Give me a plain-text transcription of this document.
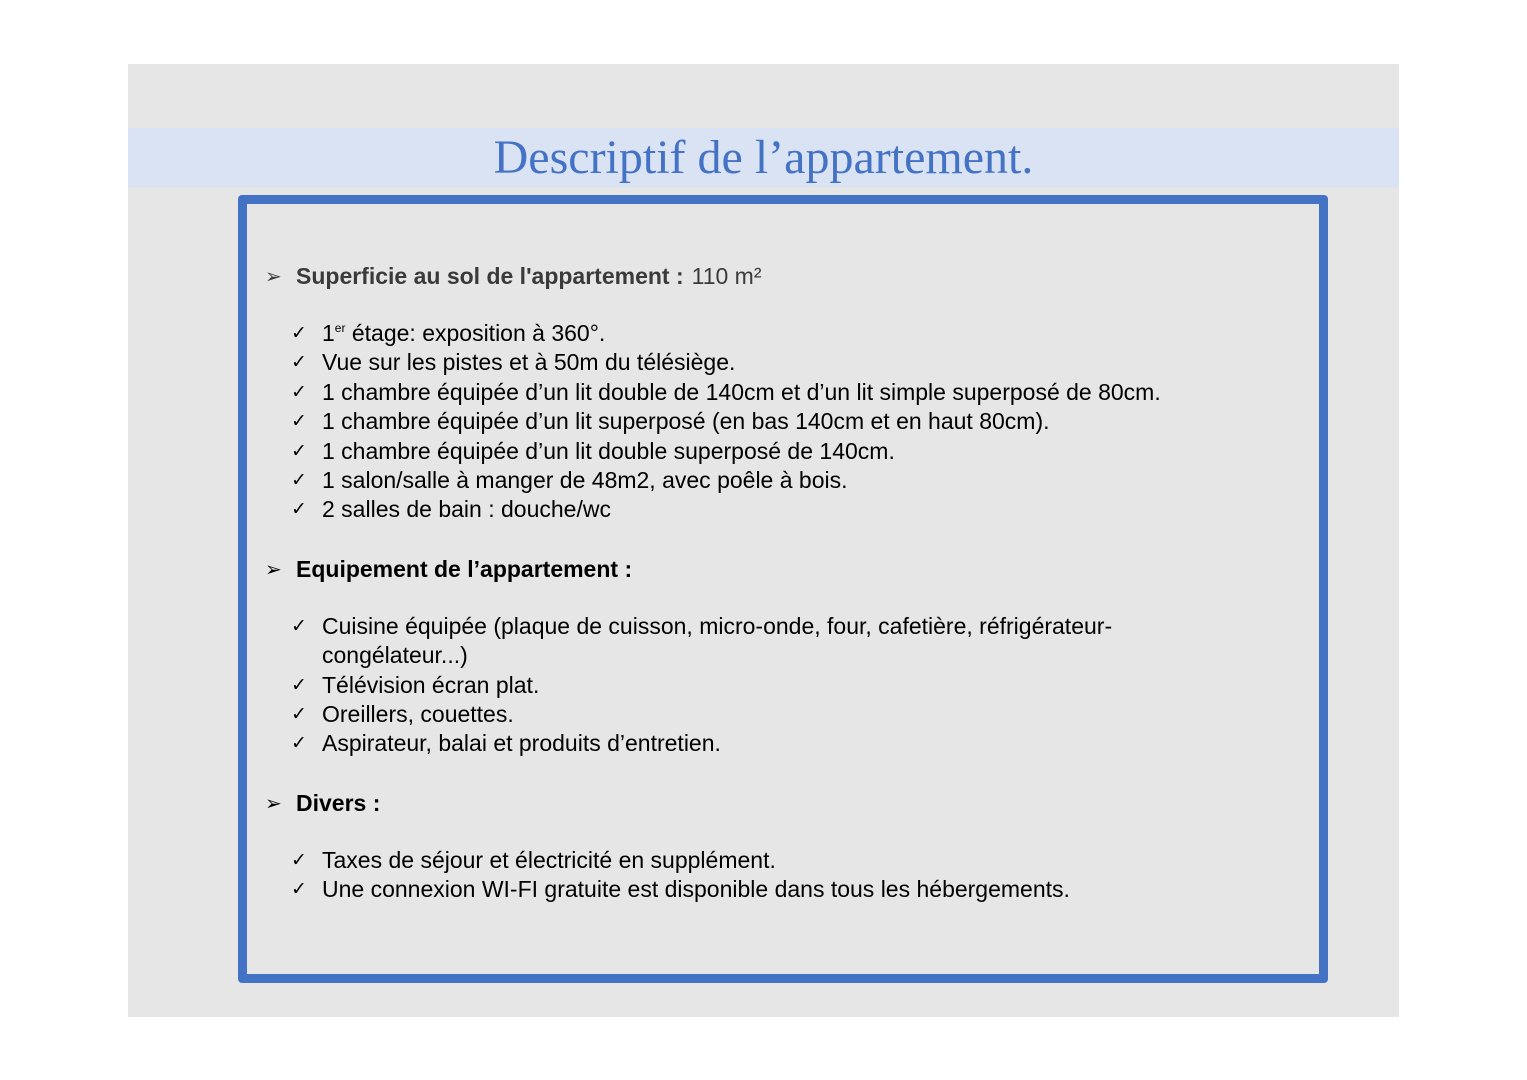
Descriptif de l’appartement.
➢ Superficie au sol de l'appartement : 110 m²
✓ 1er étage: exposition à 360°.
✓ Vue sur les pistes et à 50m du télésiège.
✓ 1 chambre équipée d’un lit double de 140cm et d’un lit simple superposé de 80cm.
✓ 1 chambre équipée d’un lit superposé (en bas 140cm et en haut 80cm).
✓ 1 chambre équipée d’un lit double superposé de 140cm.
✓ 1 salon/salle à manger de 48m2, avec poêle à bois.
✓ 2 salles de bain : douche/wc
➢ Equipement de l’appartement :
✓ Cuisine équipée (plaque de cuisson, micro-onde, four, cafetière, réfrigérateur-congélateur...)
✓ Télévision écran plat.
✓ Oreillers, couettes.
✓ Aspirateur, balai et produits d’entretien.
➢ Divers :
✓ Taxes de séjour et électricité en supplément.
✓ Une connexion WI-FI gratuite est disponible dans tous les hébergements.
